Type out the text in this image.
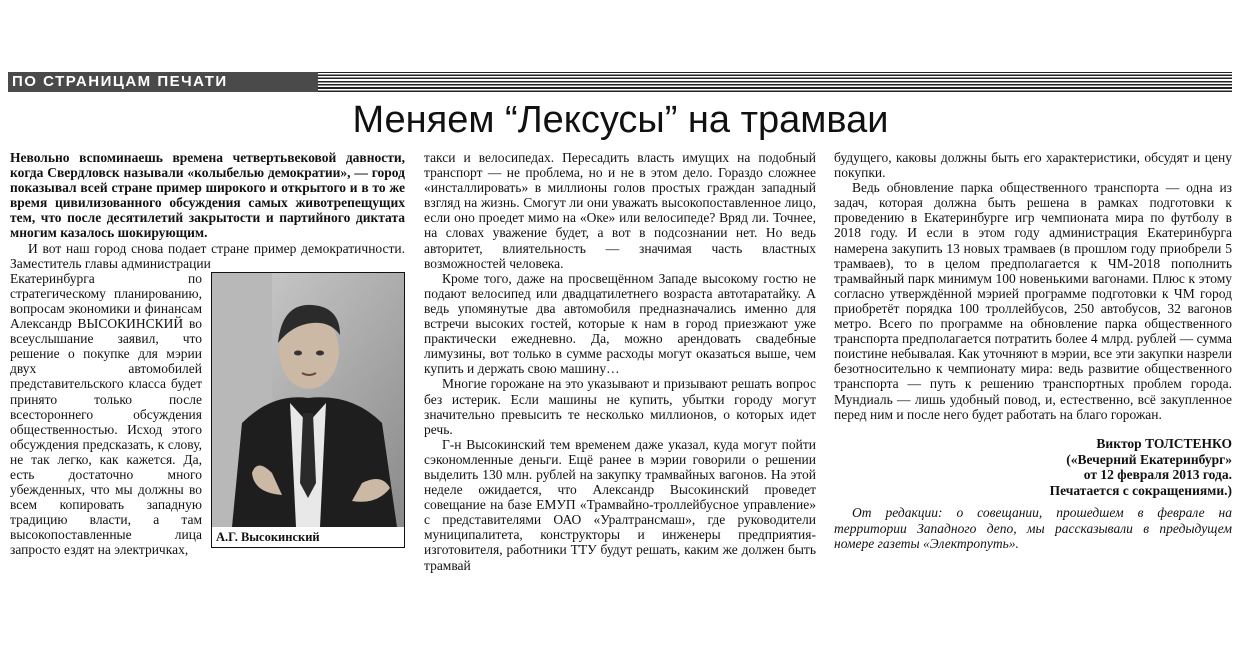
ПО СТРАНИЦАМ ПЕЧАТИ
Меняем “Лексусы” на трамваи

Невольно вспоминаешь времена четвертьвековой давности, когда Свердловск называли «колыбелью демократии», — город показывал всей стране пример широкого и открытого и в то же время цивилизованного обсуждения самых животрепещущих тем, что после десятилетий закрытости и партийного диктата многим казалось шокирующим.

И вот наш город снова подает стране пример демократичности. Заместитель главы администрации

Екатеринбурга по стратегическому планированию, вопросам экономики и финансам Александр ВЫСОКИНСКИЙ во всеуслышание заявил, что решение о покупке для мэрии двух автомобилей представительского класса будет принято только после всестороннего обсуждения общественностью. Исход этого обсуждения предсказать, к слову, не так легко, как кажется. Да, есть достаточно много убежденных, что мы должны во всем копировать западную традицию власти, а там высокопоставленные лица запросто ездят на электричках,

А.Г. Высокинский

такси и велосипедах. Пересадить власть имущих на подобный транспорт — не проблема, но и не в этом дело. Гораздо сложнее «инсталлировать» в миллионы голов простых граждан западный взгляд на жизнь. Смогут ли они уважать высокопоставленное лицо, если оно проедет мимо на «Оке» или велосипеде? Вряд ли. Точнее, на словах уважение будет, а вот в подсознании нет. Но ведь авторитет, влиятельность — значимая часть властных возможностей человека.

Кроме того, даже на просвещённом Западе высокому гостю не подают велосипед или двадцатилетнего возраста автотаратайку. А ведь упомянутые два автомобиля предназначались именно для встречи высоких гостей, которые к нам в город приезжают уже практически ежедневно. Да, можно арендовать свадебные лимузины, вот только в сумме расходы могут оказаться выше, чем купить и держать свою машину…

Многие горожане на это указывают и призывают решать вопрос без истерик. Если машины не купить, убытки городу могут значительно превысить те несколько миллионов, о которых идет речь.

Г-н Высокинский тем временем даже указал, куда могут пойти сэкономленные деньги. Ещё ранее в мэрии говорили о решении выделить 130 млн. рублей на закупку трамвайных вагонов. На этой неделе ожидается, что Александр Высокинский проведет совещание на базе ЕМУП «Трамвайно-троллейбусное управление» с представителями ОАО «Уралтрансмаш», где руководители муниципалитета, конструкторы и инженеры предприятия-изготовителя, работники ТТУ будут решать, каким же должен быть трамвай

будущего, каковы должны быть его характеристики, обсудят и цену покупки.

Ведь обновление парка общественного транспорта — одна из задач, которая должна быть решена в рамках подготовки к проведению в Екатеринбурге игр чемпионата мира по футболу в 2018 году. И если в этом году администрация Екатеринбурга намерена закупить 13 новых трамваев (в прошлом году приобрели 5 трамваев), то в целом предполагается к ЧМ-2018 пополнить трамвайный парк минимум 100 новенькими вагонами. Плюс к этому согласно утверждённой мэрией программе подготовки к ЧМ город приобретёт порядка 100 троллейбусов, 250 автобусов, 32 вагонов метро. Всего по программе на обновление парка общественного транспорта предполагается потратить более 4 млрд. рублей — сумма поистине небывалая. Как уточняют в мэрии, все эти закупки назрели безотносительно к чемпионату мира: ведь развитие общественного транспорта — путь к решению транспортных проблем города. Мундиаль — лишь удобный повод, и, естественно, всё закупленное перед ним и после него будет работать на благо горожан.

Виктор ТОЛСТЕНКО
(«Вечерний Екатеринбург»
от 12 февраля 2013 года.
Печатается с сокращениями.)

От редакции: о совещании, прошедшем в феврале на территории Западного депо, мы рассказывали в предыдущем номере газеты «Электропуть».
